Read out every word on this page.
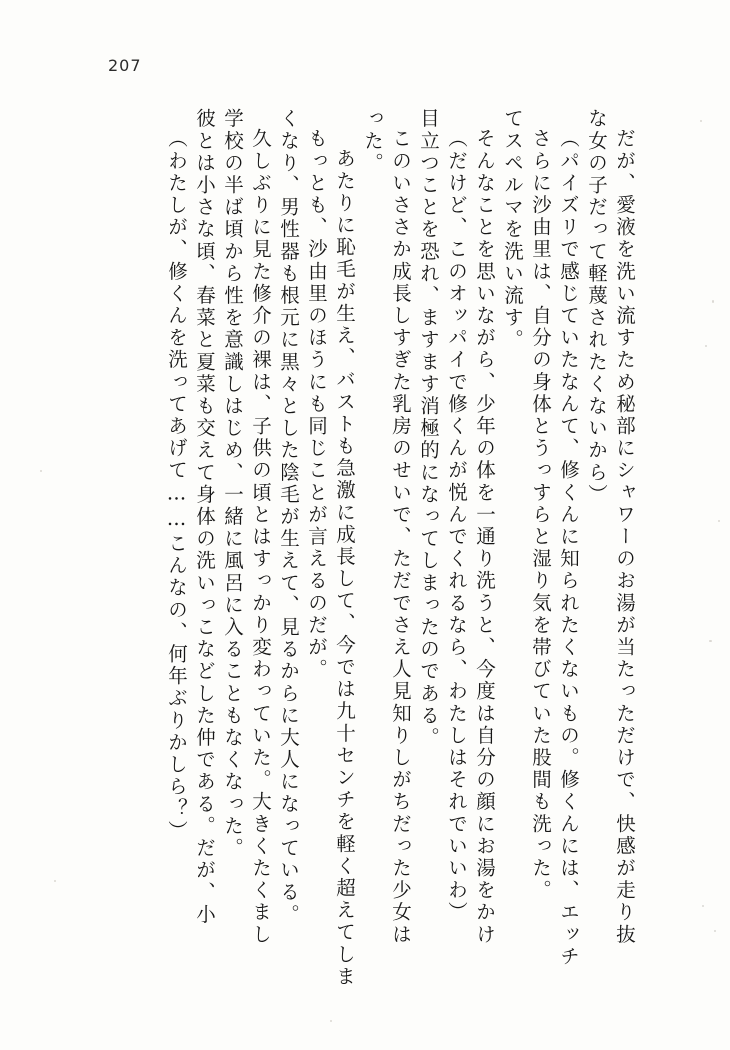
207
（わたしが、修くんを洗ってあげて……こんなの、何年ぶりかしら？） 彼とは小さな頃、春菜と夏菜も交えて身体の洗いっこなどした仲である。だが、小 学校の半ば頃から性を意識しはじめ、一緒に風呂に入ることもなくなった。 久しぶりに見た修介の裸は、子供の頃とはすっかり変わっていた。大きくたくまし くなり、男性器も根元に黒々とした陰毛が生えて、見るからに大人になっている。 もっとも、沙由里のほうにも同じことが言えるのだが。 あたりに恥毛が生え、バストも急激に成長して、今では九十センチを軽く超えてしま
った。 このいささか成長しすぎた乳房のせいで、ただでさえ人見知りしがちだった少女は 目立つことを恐れ、ますます消極的になってしまったのである。 （だけど、このオッパイで修くんが悦んでくれるなら、わたしはそれでいいわ） そんなことを思いながら、少年の体を一通り洗うと、今度は自分の顔にお湯をかけ てスペルマを洗い流す。 さらに沙由里は、自分の身体とうっすらと湿り気を帯びていた股間も洗った。 （パイズリで感じていたなんて、修くんに知られたくないもの。修くんには、エッチ な女の子だって軽蔑されたくないから） だが、愛液を洗い流すため秘部にシャワーのお湯が当たっただけで、快感が走り抜
